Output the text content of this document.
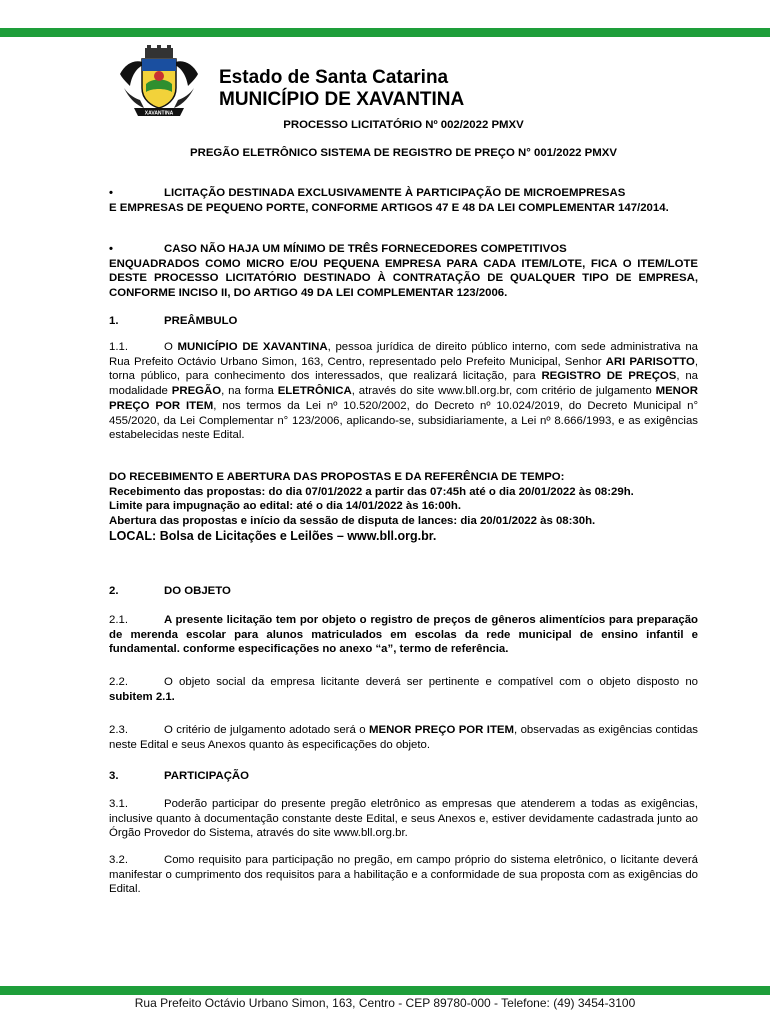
XAVANTINA
Estado de Santa Catarina
MUNICÍPIO DE XAVANTINA
PROCESSO LICITATÓRIO Nº 002/2022 PMXV
PREGÃO ELETRÔNICO SISTEMA DE REGISTRO DE PREÇO N° 001/2022 PMXV
•	LICITAÇÃO DESTINADA EXCLUSIVAMENTE À PARTICIPAÇÃO DE MICROEMPRESAS
E EMPRESAS DE PEQUENO PORTE, CONFORME ARTIGOS 47 E 48 DA LEI COMPLEMENTAR 147/2014.
•	CASO NÃO HAJA UM MÍNIMO DE TRÊS FORNECEDORES COMPETITIVOS
ENQUADRADOS COMO MICRO E/OU PEQUENA EMPRESA PARA CADA ITEM/LOTE, FICA O ITEM/LOTE DESTE PROCESSO LICITATÓRIO DESTINADO À CONTRATAÇÃO DE QUALQUER TIPO DE EMPRESA, CONFORME INCISO II, DO ARTIGO 49 DA LEI COMPLEMENTAR 123/2006.
1.	PREÂMBULO
1.1.	O MUNICÍPIO DE XAVANTINA, pessoa jurídica de direito público interno, com sede administrativa na Rua Prefeito Octávio Urbano Simon, 163, Centro, representado pelo Prefeito Municipal, Senhor ARI PARISOTTO, torna público, para conhecimento dos interessados, que realizará licitação, para REGISTRO DE PREÇOS, na modalidade PREGÃO, na forma ELETRÔNICA, através do site www.bll.org.br, com critério de julgamento MENOR PREÇO POR ITEM, nos termos da Lei nº 10.520/2002, do Decreto nº 10.024/2019, do Decreto Municipal n° 455/2020, da Lei Complementar n° 123/2006, aplicando-se, subsidiariamente, a Lei nº 8.666/1993, e as exigências estabelecidas neste Edital.
DO RECEBIMENTO E ABERTURA DAS PROPOSTAS E DA REFERÊNCIA DE TEMPO:
Recebimento das propostas: do dia 07/01/2022 a partir das 07:45h até o dia 20/01/2022 às 08:29h.
Limite para impugnação ao edital: até o dia 14/01/2022 às 16:00h.
Abertura das propostas e início da sessão de disputa de lances: dia 20/01/2022 às 08:30h.
LOCAL: Bolsa de Licitações e Leilões – www.bll.org.br.
2.	DO OBJETO
2.1.	A presente licitação tem por objeto o registro de preços de gêneros alimentícios para preparação de merenda escolar para alunos matriculados em escolas da rede municipal de ensino infantil e fundamental. conforme especificações no anexo “a”, termo de referência.
2.2.	O objeto social da empresa licitante deverá ser pertinente e compatível com o objeto disposto no subitem 2.1.
2.3.	O critério de julgamento adotado será o MENOR PREÇO POR ITEM, observadas as exigências contidas neste Edital e seus Anexos quanto às especificações do objeto.
3.	PARTICIPAÇÃO
3.1.	Poderão participar do presente pregão eletrônico as empresas que atenderem a todas as exigências, inclusive quanto à documentação constante deste Edital, e seus Anexos e, estiver devidamente cadastrada junto ao Órgão Provedor do Sistema, através do site www.bll.org.br.
3.2.	Como requisito para participação no pregão, em campo próprio do sistema eletrônico, o licitante deverá manifestar o cumprimento dos requisitos para a habilitação e a conformidade de sua proposta com as exigências do Edital.
Rua Prefeito Octávio Urbano Simon, 163, Centro - CEP 89780-000 - Telefone: (49) 3454-3100
